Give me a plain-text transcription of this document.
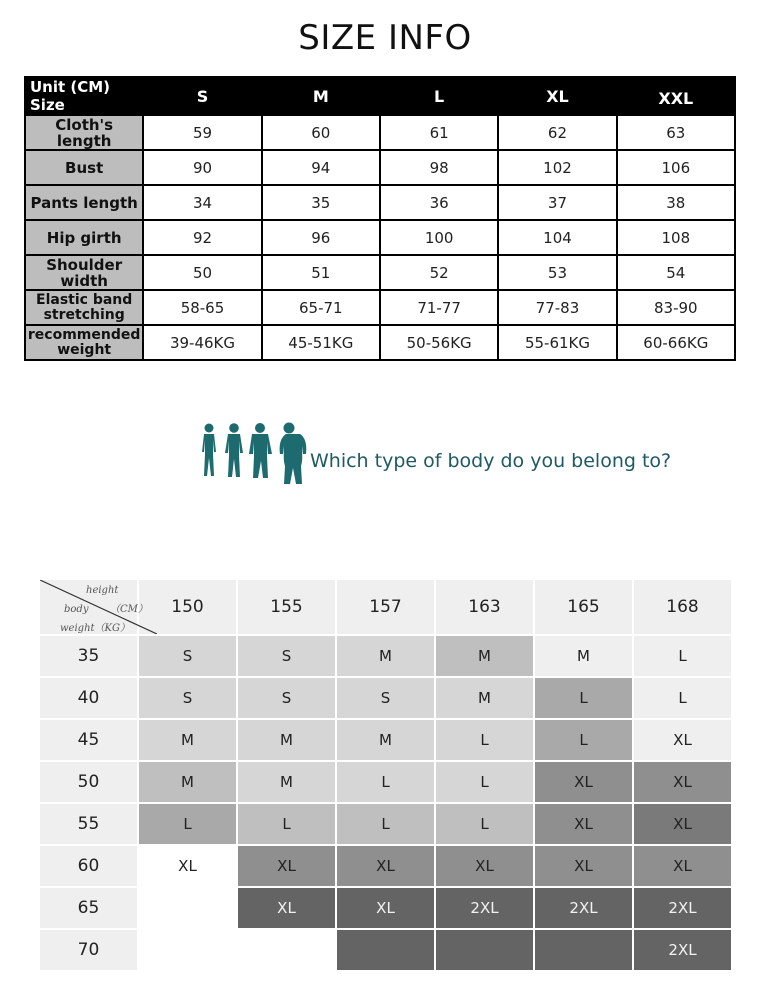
SIZE INFO
Unit (CM) Size	S	M	L	XL	XXL
Cloth's length	59	60	61	62	63
Bust	90	94	98	102	106
Pants length	34	35	36	37	38
Hip girth	92	96	100	104	108
Shoulder width	50	51	52	53	54
Elastic band stretching	58-65	65-71	71-77	77-83	83-90
recommended weight	39-46KG	45-51KG	50-56KG	55-61KG	60-66KG
Which type of body do you belong to?
height
（CM）
body
weight（KG）	150	155	157	163	165	168
35	S	S	M	M	M	L
40	S	S	S	M	L	L
45	M	M	M	L	L	XL
50	M	M	L	L	XL	XL
55	L	L	L	L	XL	XL
60	XL	XL	XL	XL	XL	XL
65		XL	XL	2XL	2XL	2XL
70						2XL
